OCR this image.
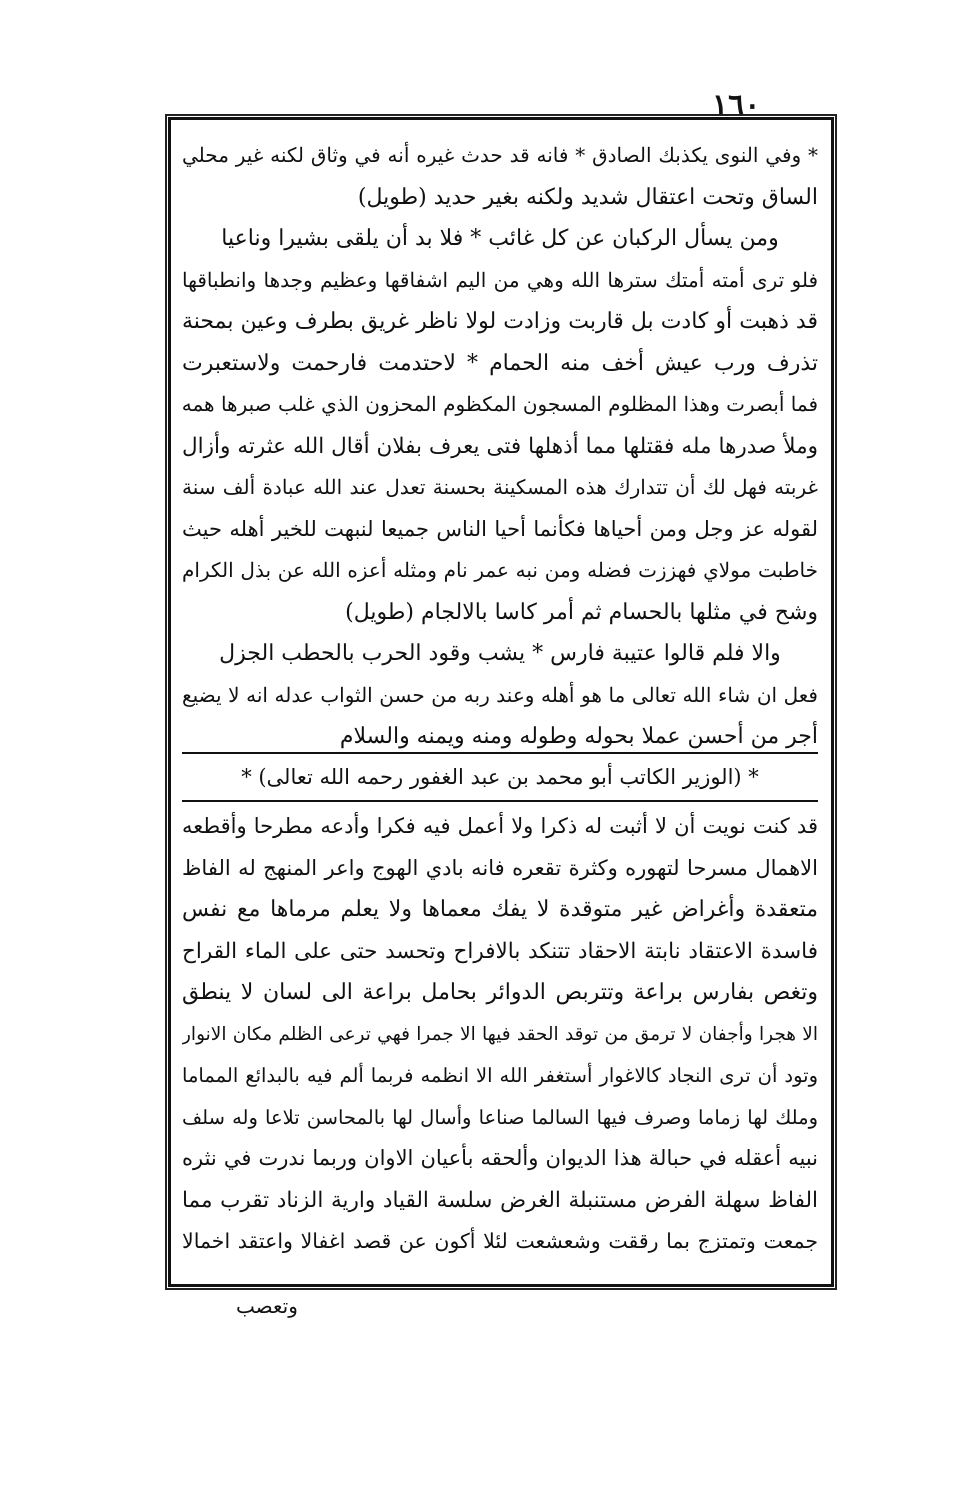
١٦٠
* وفي النوى يكذبك الصادق * فانه قد حدث غيره أنه في وثاق لكنه غير محلي
الساق وتحت اعتقال شديد ولكنه بغير حديد (طويل)
ومن يسأل الركبان عن كل غائب * فلا بد أن يلقى بشيرا وناعيا
فلو ترى أمته أمتك سترها الله وهي من اليم اشفاقها وعظيم وجدها وانطباقها
قد ذهبت أو كادت بل قاربت وزادت لولا ناظر غريق بطرف وعين بمحنة
تذرف ورب عيش أخف منه الحمام * لاحتدمت فارحمت ولاستعبرت
فما أبصرت وهذا المظلوم المسجون المكظوم المحزون الذي غلب صبرها همه
وملأ صدرها مله فقتلها مما أذهلها فتى يعرف بفلان أقال الله عثرته وأزال
غربته فهل لك أن تتدارك هذه المسكينة بحسنة تعدل عند الله عبادة ألف سنة
لقوله عز وجل ومن أحياها فكأنما أحيا الناس جميعا لنبهت للخير أهله حيث
خاطبت مولاي فهززت فضله ومن نبه عمر نام ومثله أعزه الله عن بذل الكرام
وشح في مثلها بالحسام ثم أمر كاسا بالالجام (طويل)
والا فلم قالوا عتيبة فارس * يشب وقود الحرب بالحطب الجزل
فعل ان شاء الله تعالى ما هو أهله وعند ربه من حسن الثواب عدله انه لا يضيع
أجر من أحسن عملا بحوله وطوله ومنه ويمنه والسلام
* (الوزير الكاتب أبو محمد بن عبد الغفور رحمه الله تعالى) *
قد كنت نويت أن لا أثبت له ذكرا ولا أعمل فيه فكرا وأدعه مطرحا وأقطعه
الاهمال مسرحا لتهوره وكثرة تقعره فانه بادي الهوج واعر المنهج له الفاظ
متعقدة وأغراض غير متوقدة لا يفك معماها ولا يعلم مرماها مع نفس
فاسدة الاعتقاد نابتة الاحقاد تتنكد بالافراح وتحسد حتى على الماء القراح
وتغص بفارس براعة وتتربص الدوائر بحامل براعة الى لسان لا ينطق
الا هجرا وأجفان لا ترمق من توقد الحقد فيها الا جمرا فهي ترعى الظلم مكان الانوار
وتود أن ترى النجاد كالاغوار أستغفر الله الا انظمه فربما ألم فيه بالبدائع المماما
وملك لها زماما وصرف فيها السالما صناعا وأسال لها بالمحاسن تلاعا وله سلف
نبيه أعقله في حبالة هذا الديوان وألحقه بأعيان الاوان وربما ندرت في نثره
الفاظ سهلة الفرض مستنبلة الغرض سلسة القياد وارية الزناد تقرب مما
جمعت وتمتزج بما رققت وشعشعت لئلا أكون عن قصد اغفالا واعتقد اخمالا
وتعصب
